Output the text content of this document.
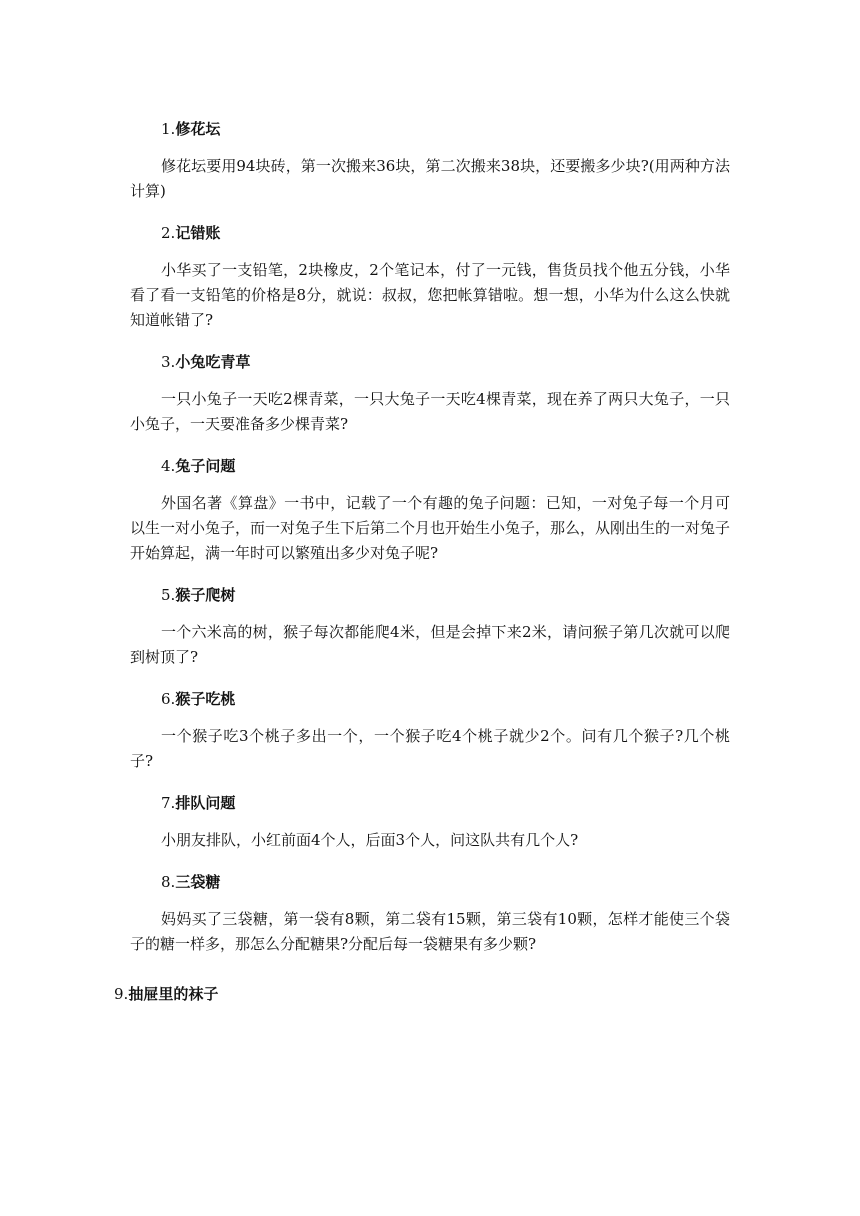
1.修花坛

修花坛要用94块砖，第一次搬来36块，第二次搬来38块，还要搬多少块?(用两种方法计算)

2.记错账

小华买了一支铅笔，2块橡皮，2个笔记本，付了一元钱，售货员找个他五分钱，小华看了看一支铅笔的价格是8分，就说：叔叔，您把帐算错啦。想一想，小华为什么这么快就知道帐错了?

3.小兔吃青草

一只小兔子一天吃2棵青菜，一只大兔子一天吃4棵青菜，现在养了两只大兔子，一只小兔子，一天要准备多少棵青菜?

4.兔子问题

外国名著《算盘》一书中，记载了一个有趣的兔子问题：已知，一对兔子每一个月可以生一对小兔子，而一对兔子生下后第二个月也开始生小兔子，那么，从刚出生的一对兔子开始算起，满一年时可以繁殖出多少对兔子呢?

5.猴子爬树

一个六米高的树，猴子每次都能爬4米，但是会掉下来2米，请问猴子第几次就可以爬到树顶了?

6.猴子吃桃

一个猴子吃3个桃子多出一个，一个猴子吃4个桃子就少2个。问有几个猴子?几个桃子?

7.排队问题

小朋友排队，小红前面4个人，后面3个人，问这队共有几个人?

8.三袋糖

妈妈买了三袋糖，第一袋有8颗，第二袋有15颗，第三袋有10颗，怎样才能使三个袋子的糖一样多，那怎么分配糖果?分配后每一袋糖果有多少颗?

9.抽屉里的袜子
